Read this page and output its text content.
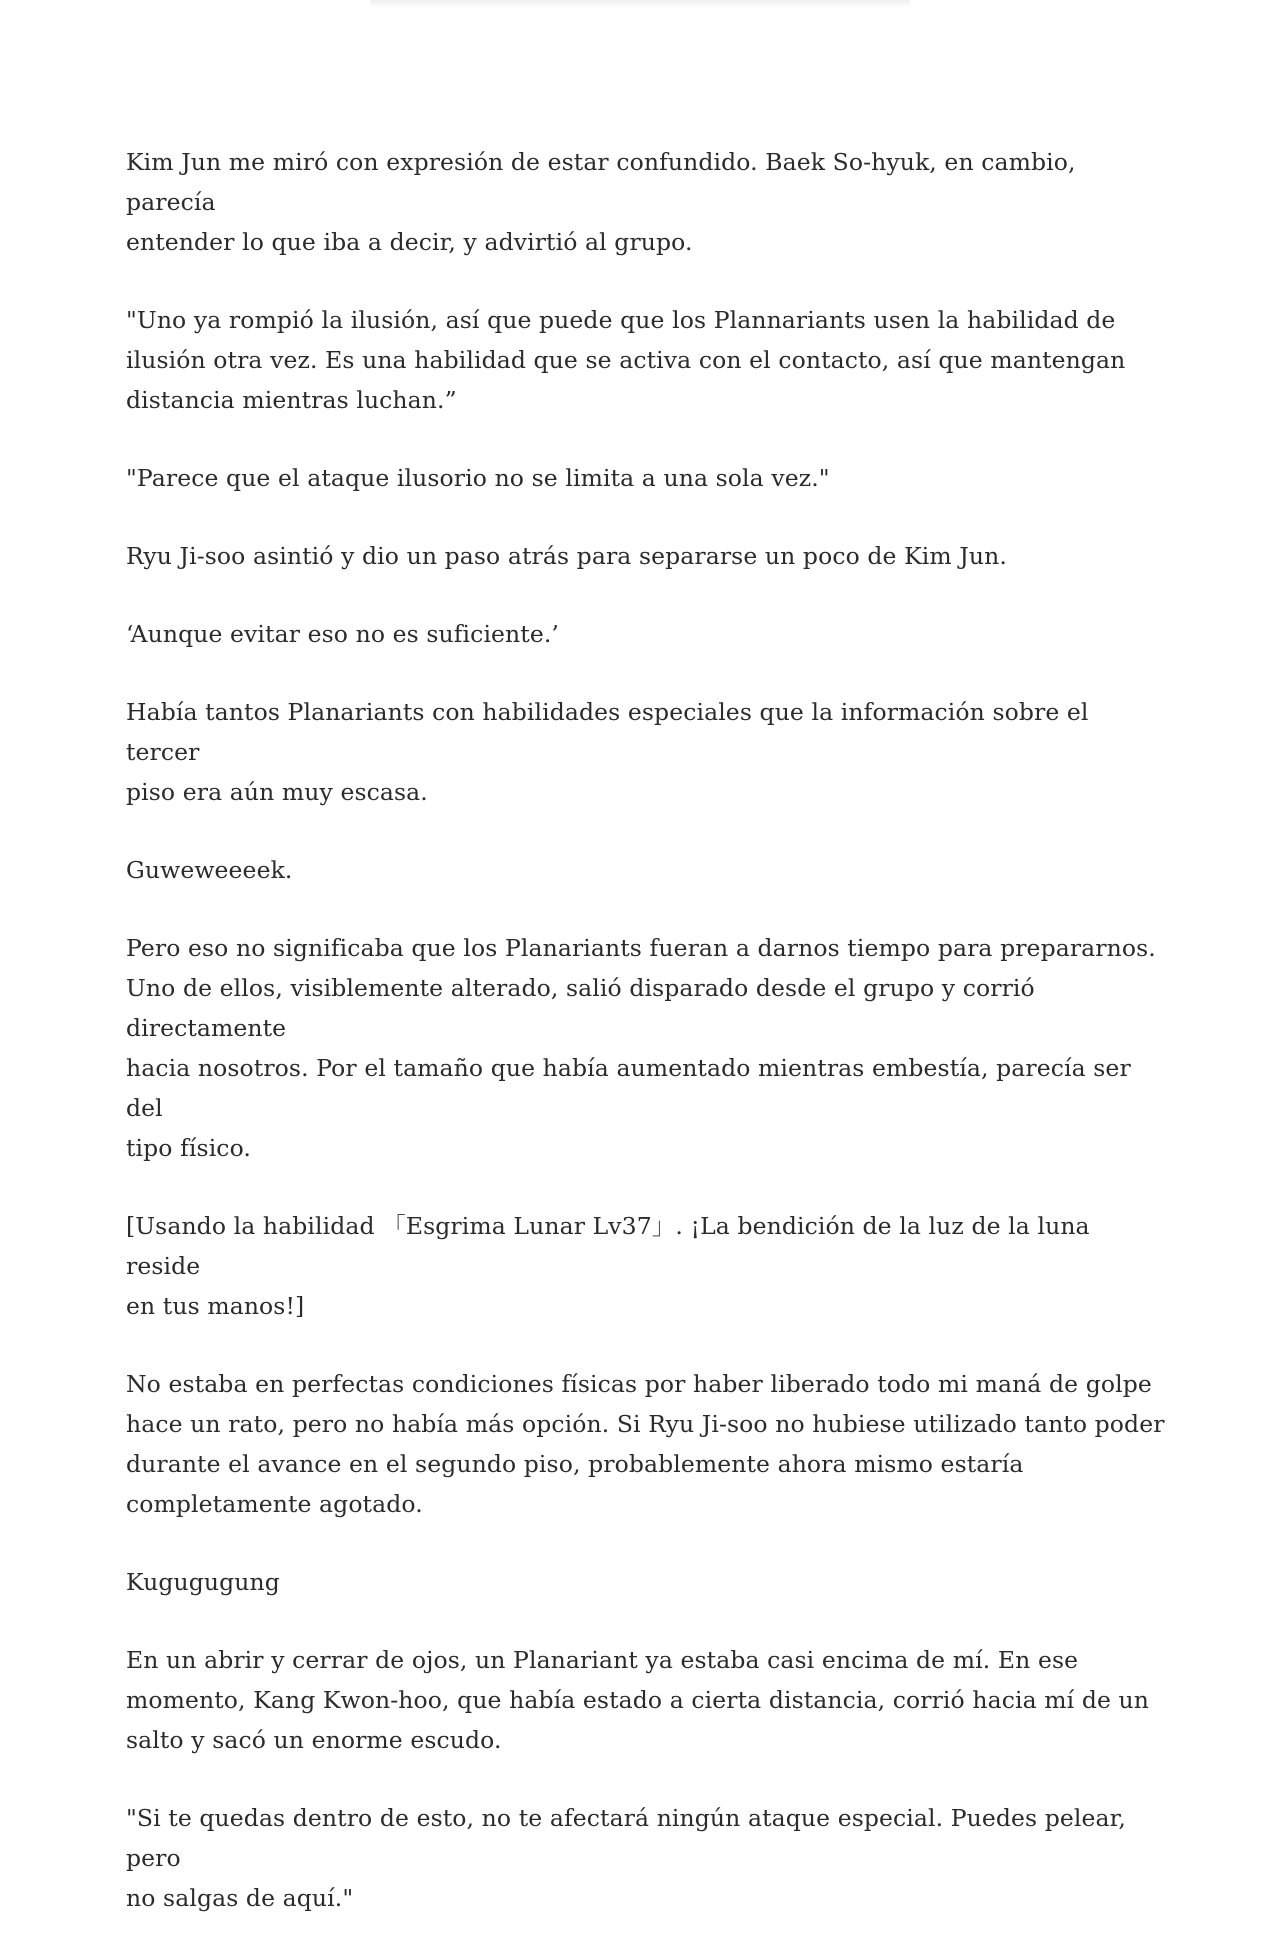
Kim Jun me miró con expresión de estar confundido. Baek So-hyuk, en cambio, parecía
entender lo que iba a decir, y advirtió al grupo.

"Uno ya rompió la ilusión, así que puede que los Plannariants usen la habilidad de
ilusión otra vez. Es una habilidad que se activa con el contacto, así que mantengan
distancia mientras luchan.”

"Parece que el ataque ilusorio no se limita a una sola vez."

Ryu Ji-soo asintió y dio un paso atrás para separarse un poco de Kim Jun.

‘Aunque evitar eso no es suficiente.’

Había tantos Planariants con habilidades especiales que la información sobre el tercer
piso era aún muy escasa.

Guweweeeek.

Pero eso no significaba que los Planariants fueran a darnos tiempo para prepararnos.
Uno de ellos, visiblemente alterado, salió disparado desde el grupo y corrió directamente
hacia nosotros. Por el tamaño que había aumentado mientras embestía, parecía ser del
tipo físico.

[Usando la habilidad 「Esgrima Lunar Lv37」. ¡La bendición de la luz de la luna reside
en tus manos!]

No estaba en perfectas condiciones físicas por haber liberado todo mi maná de golpe
hace un rato, pero no había más opción. Si Ryu Ji-soo no hubiese utilizado tanto poder
durante el avance en el segundo piso, probablemente ahora mismo estaría
completamente agotado.

Kugugugung

En un abrir y cerrar de ojos, un Planariant ya estaba casi encima de mí. En ese
momento, Kang Kwon-hoo, que había estado a cierta distancia, corrió hacia mí de un
salto y sacó un enorme escudo.

"Si te quedas dentro de esto, no te afectará ningún ataque especial. Puedes pelear, pero
no salgas de aquí."
